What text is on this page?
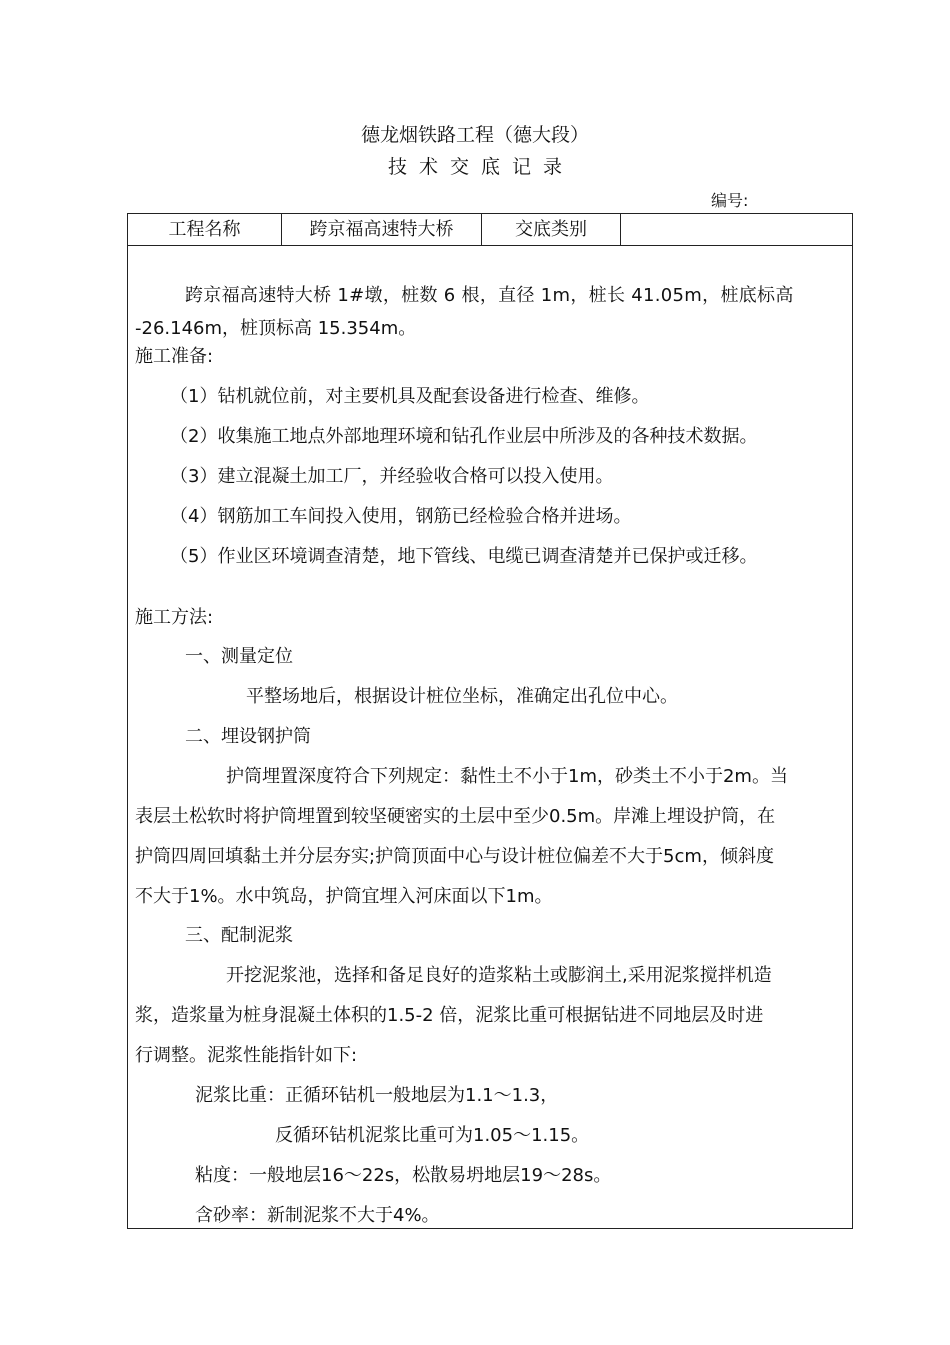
德龙烟铁路工程（德大段）
技术交底记录
编号:
工程名称	跨京福高速特大桥	交底类别
跨京福高速特大桥 1#墩，桩数 6 根，直径 1m，桩长 41.05m，桩底标高
-26.146m，桩顶标高 15.354m。
施工准备:
（1）钻机就位前，对主要机具及配套设备进行检查、维修。
（2）收集施工地点外部地理环境和钻孔作业层中所涉及的各种技术数据。
（3）建立混凝土加工厂，并经验收合格可以投入使用。
（4）钢筋加工车间投入使用，钢筋已经检验合格并进场。
（5）作业区环境调查清楚，地下管线、电缆已调查清楚并已保护或迁移。
施工方法:
一、测量定位
平整场地后，根据设计桩位坐标，准确定出孔位中心。
二、埋设钢护筒
护筒埋置深度符合下列规定：黏性土不小于1m，砂类土不小于2m。当
表层土松软时将护筒埋置到较坚硬密实的土层中至少0.5m。岸滩上埋设护筒，在
护筒四周回填黏土并分层夯实;护筒顶面中心与设计桩位偏差不大于5cm，倾斜度
不大于1%。水中筑岛，护筒宜埋入河床面以下1m。
三、配制泥浆
开挖泥浆池，选择和备足良好的造浆粘土或膨润土,采用泥浆搅拌机造
浆，造浆量为桩身混凝土体积的1.5-2 倍，泥浆比重可根据钻进不同地层及时进
行调整。泥浆性能指针如下:
泥浆比重：正循环钻机一般地层为1.1～1.3，
反循环钻机泥浆比重可为1.05～1.15。
粘度：一般地层16～22s，松散易坍地层19～28s。
含砂率：新制泥浆不大于4%。
